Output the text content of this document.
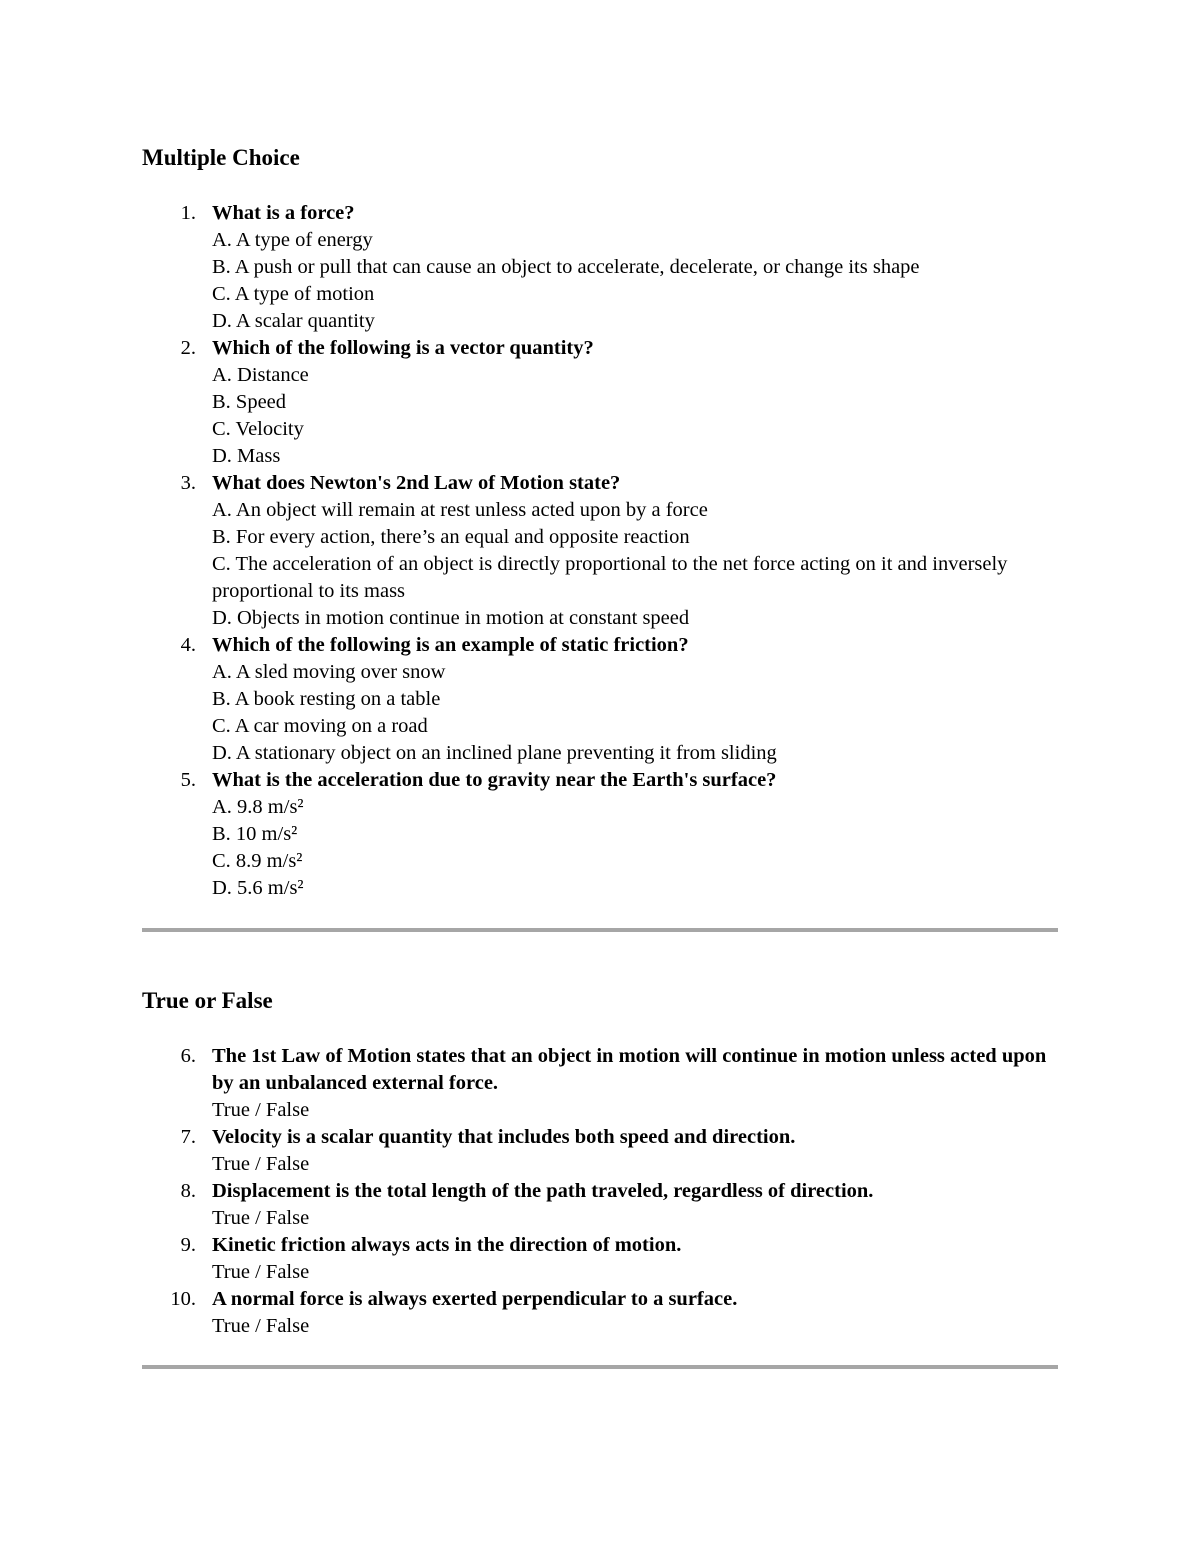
Multiple Choice
1. What is a force?
A. A type of energy
B. A push or pull that can cause an object to accelerate, decelerate, or change its shape
C. A type of motion
D. A scalar quantity
2. Which of the following is a vector quantity?
A. Distance
B. Speed
C. Velocity
D. Mass
3. What does Newton's 2nd Law of Motion state?
A. An object will remain at rest unless acted upon by a force
B. For every action, there’s an equal and opposite reaction
C. The acceleration of an object is directly proportional to the net force acting on it and inversely proportional to its mass
D. Objects in motion continue in motion at constant speed
4. Which of the following is an example of static friction?
A. A sled moving over snow
B. A book resting on a table
C. A car moving on a road
D. A stationary object on an inclined plane preventing it from sliding
5. What is the acceleration due to gravity near the Earth's surface?
A. 9.8 m/s²
B. 10 m/s²
C. 8.9 m/s²
D. 5.6 m/s²
True or False
6. The 1st Law of Motion states that an object in motion will continue in motion unless acted upon by an unbalanced external force.
True / False
7. Velocity is a scalar quantity that includes both speed and direction.
True / False
8. Displacement is the total length of the path traveled, regardless of direction.
True / False
9. Kinetic friction always acts in the direction of motion.
True / False
10. A normal force is always exerted perpendicular to a surface.
True / False
